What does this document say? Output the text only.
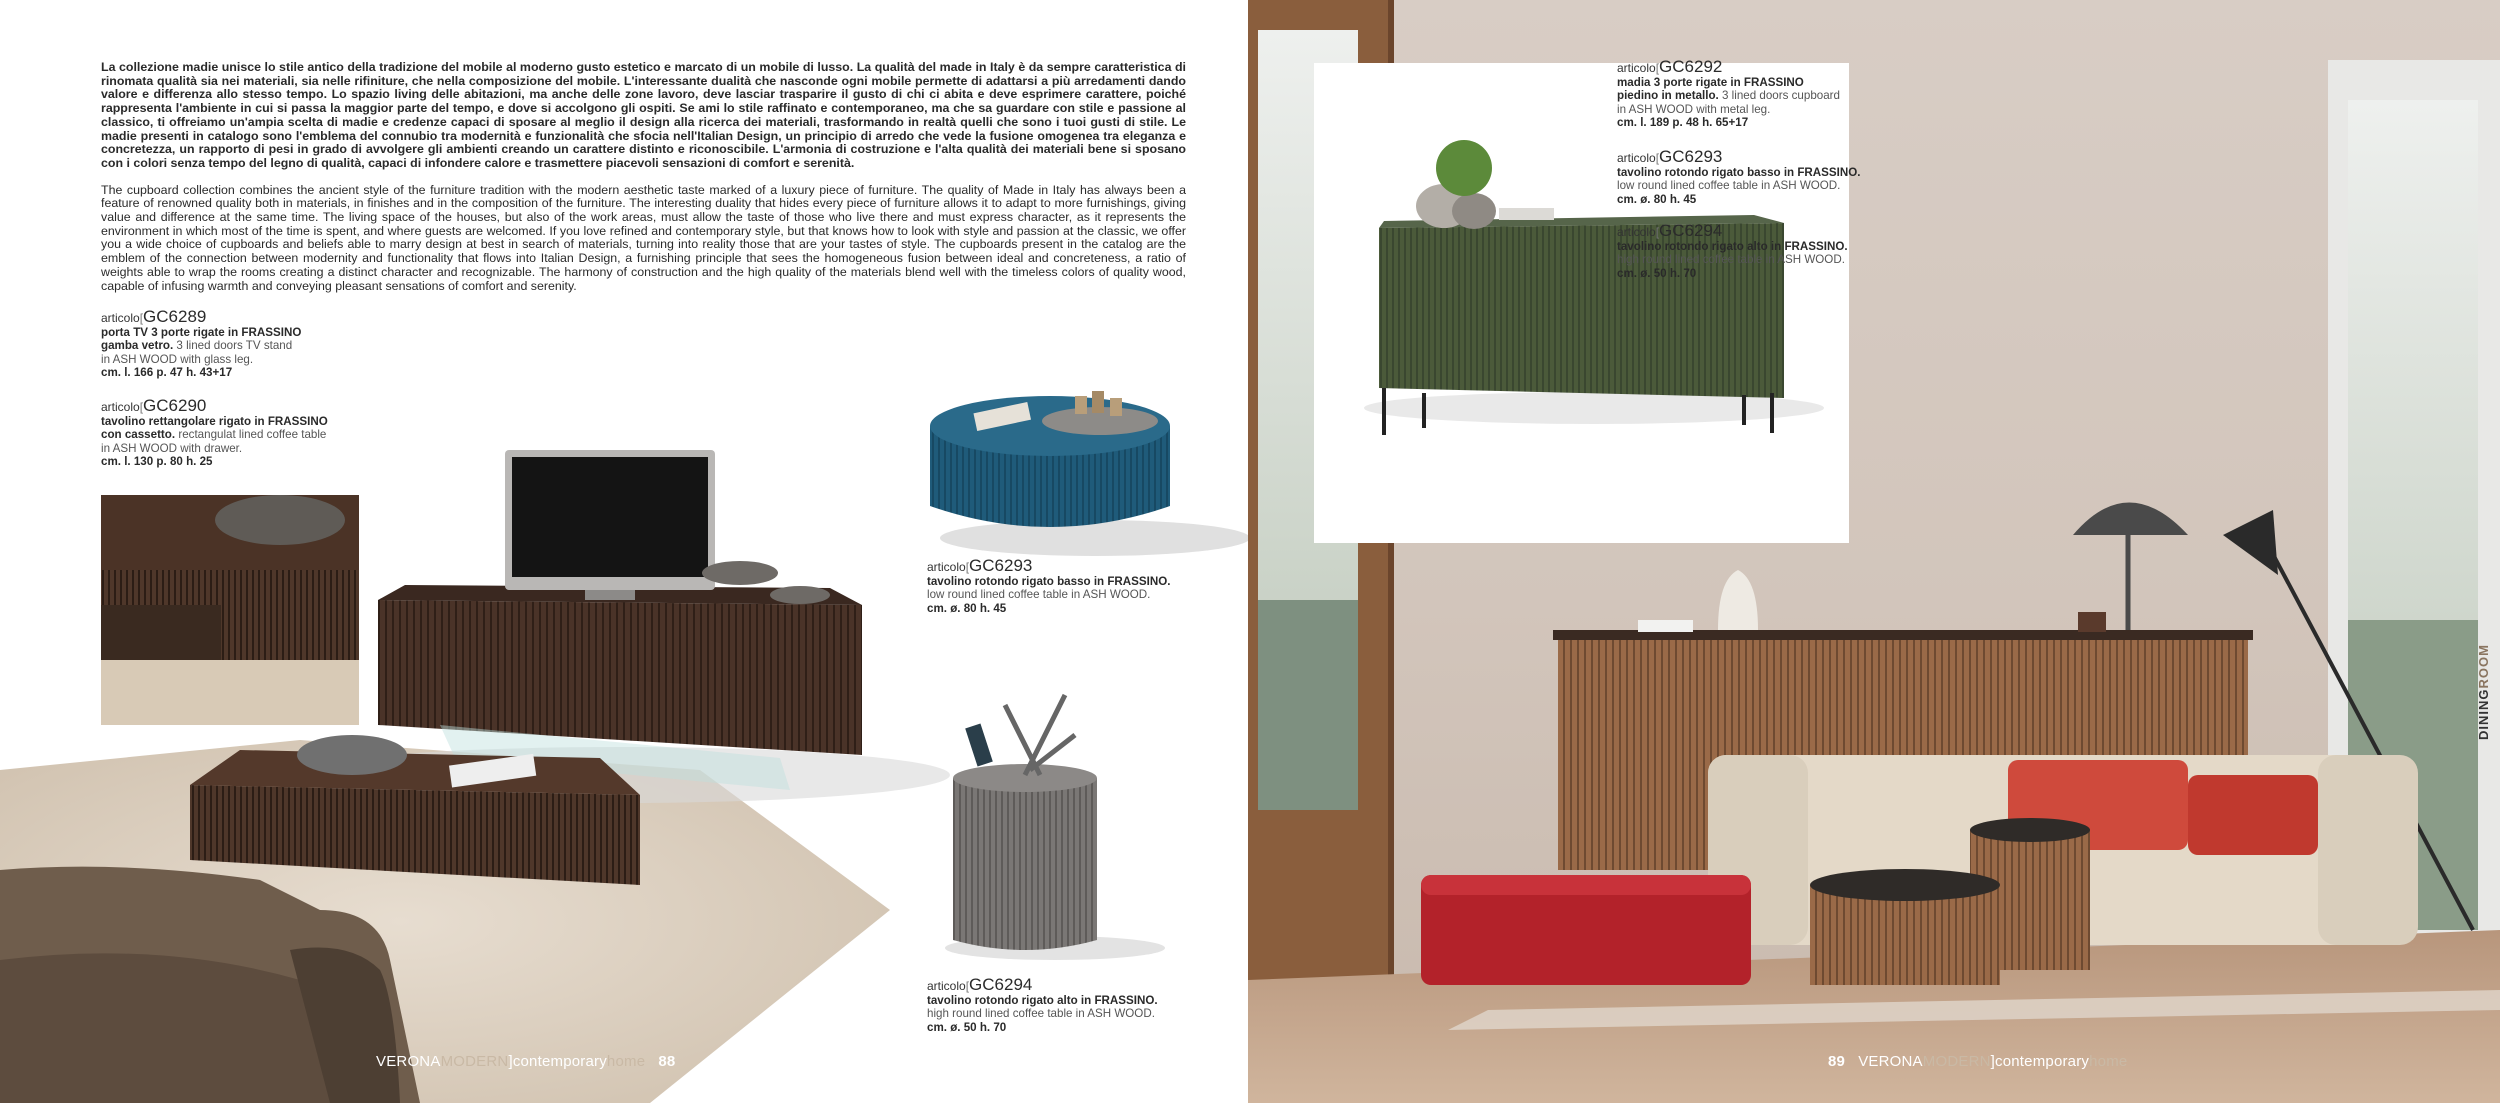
La collezione madie unisce lo stile antico della tradizione del mobile al moderno gusto estetico e marcato di un mobile di lusso. La qualità del made in Italy è da sempre caratteristica di rinomata qualità sia nei materiali, sia nelle rifiniture, che nella composizione del mobile. L'interessante dualità che nasconde ogni mobile permette di adattarsi a più arredamenti dando valore e differenza allo stesso tempo. Lo spazio living delle abitazioni, ma anche delle zone lavoro, deve lasciar trasparire il gusto di chi ci abita e deve esprimere carattere, poiché rappresenta l'ambiente in cui si passa la maggior parte del tempo, e dove si accolgono gli ospiti. Se ami lo stile raffinato e contemporaneo, ma che sa guardare con stile e passione al classico, ti offreiamo un'ampia scelta di madie e credenze capaci di sposare al meglio il design alla ricerca dei materiali, trasformando in realtà quelli che sono i tuoi gusti di stile. Le madie presenti in catalogo sono l'emblema del connubio tra modernità e funzionalità che sfocia nell'Italian Design, un principio di arredo che vede la fusione omogenea tra eleganza e concretezza, un rapporto di pesi in grado di avvolgere gli ambienti creando un carattere distinto e riconoscibile. L'armonia di costruzione e l'alta qualità dei materiali bene si sposano con i colori senza tempo del legno di qualità, capaci di infondere calore e trasmettere piacevoli sensazioni di comfort e serenità.

The cupboard collection combines the ancient style of the furniture tradition with the modern aesthetic taste marked of a luxury piece of furniture. The quality of Made in Italy has always been a feature of renowned quality both in materials, in finishes and in the composition of the furniture. The interesting duality that hides every piece of furniture allows it to adapt to more furnishings, giving value and difference at the same time. The living space of the houses, but also of the work areas, must allow the taste of those who live there and must express character, as it represents the environment in which most of the time is spent, and where guests are welcomed. If you love refined and contemporary style, but that knows how to look with style and passion at the classic, we offer you a wide choice of cupboards and beliefs able to marry design at best in search of materials, turning into reality those that are your tastes of style. The cupboards present in the catalog are the emblem of the connection between modernity and functionality that flows into Italian Design, a furnishing principle that sees the homogeneous fusion between ideal and concreteness, a ratio of weights able to wrap the rooms creating a distinct character and recognizable. The harmony of construction and the high quality of the materials blend well with the timeless colors of quality wood, capable of infusing warmth and conveying pleasant sensations of comfort and serenity.

articolo[GC6289
porta TV 3 porte rigate in FRASSINO
gamba vetro. 3 lined doors TV stand
in ASH WOOD with glass leg.
cm. l. 166 p. 47 h. 43+17
articolo[GC6290
tavolino rettangolare rigato in FRASSINO
con cassetto. rectangulat lined coffee table
in ASH WOOD with drawer.
cm. l. 130 p. 80 h. 25
articolo[GC6293
tavolino rotondo rigato basso in FRASSINO.
low round lined coffee table in ASH WOOD.
cm. ø. 80 h. 45
articolo[GC6294
tavolino rotondo rigato alto in FRASSINO.
high round lined coffee table in ASH WOOD.
cm. ø. 50 h. 70
VERONAMODERN]contemporaryhome 88
articolo[GC6292
madia 3 porte rigate in FRASSINO
piedino in metallo. 3 lined doors cupboard
in ASH WOOD with metal leg.
cm. l. 189 p. 48 h. 65+17
articolo[GC6293
tavolino rotondo rigato basso in FRASSINO.
low round lined coffee table in ASH WOOD.
cm. ø. 80 h. 45
articolo[GC6294
tavolino rotondo rigato alto in FRASSINO.
high round lined coffee table in ASH WOOD.
cm. ø. 50 h. 70
89 VERONAMODERN]contemporaryhome
DININGROOM
